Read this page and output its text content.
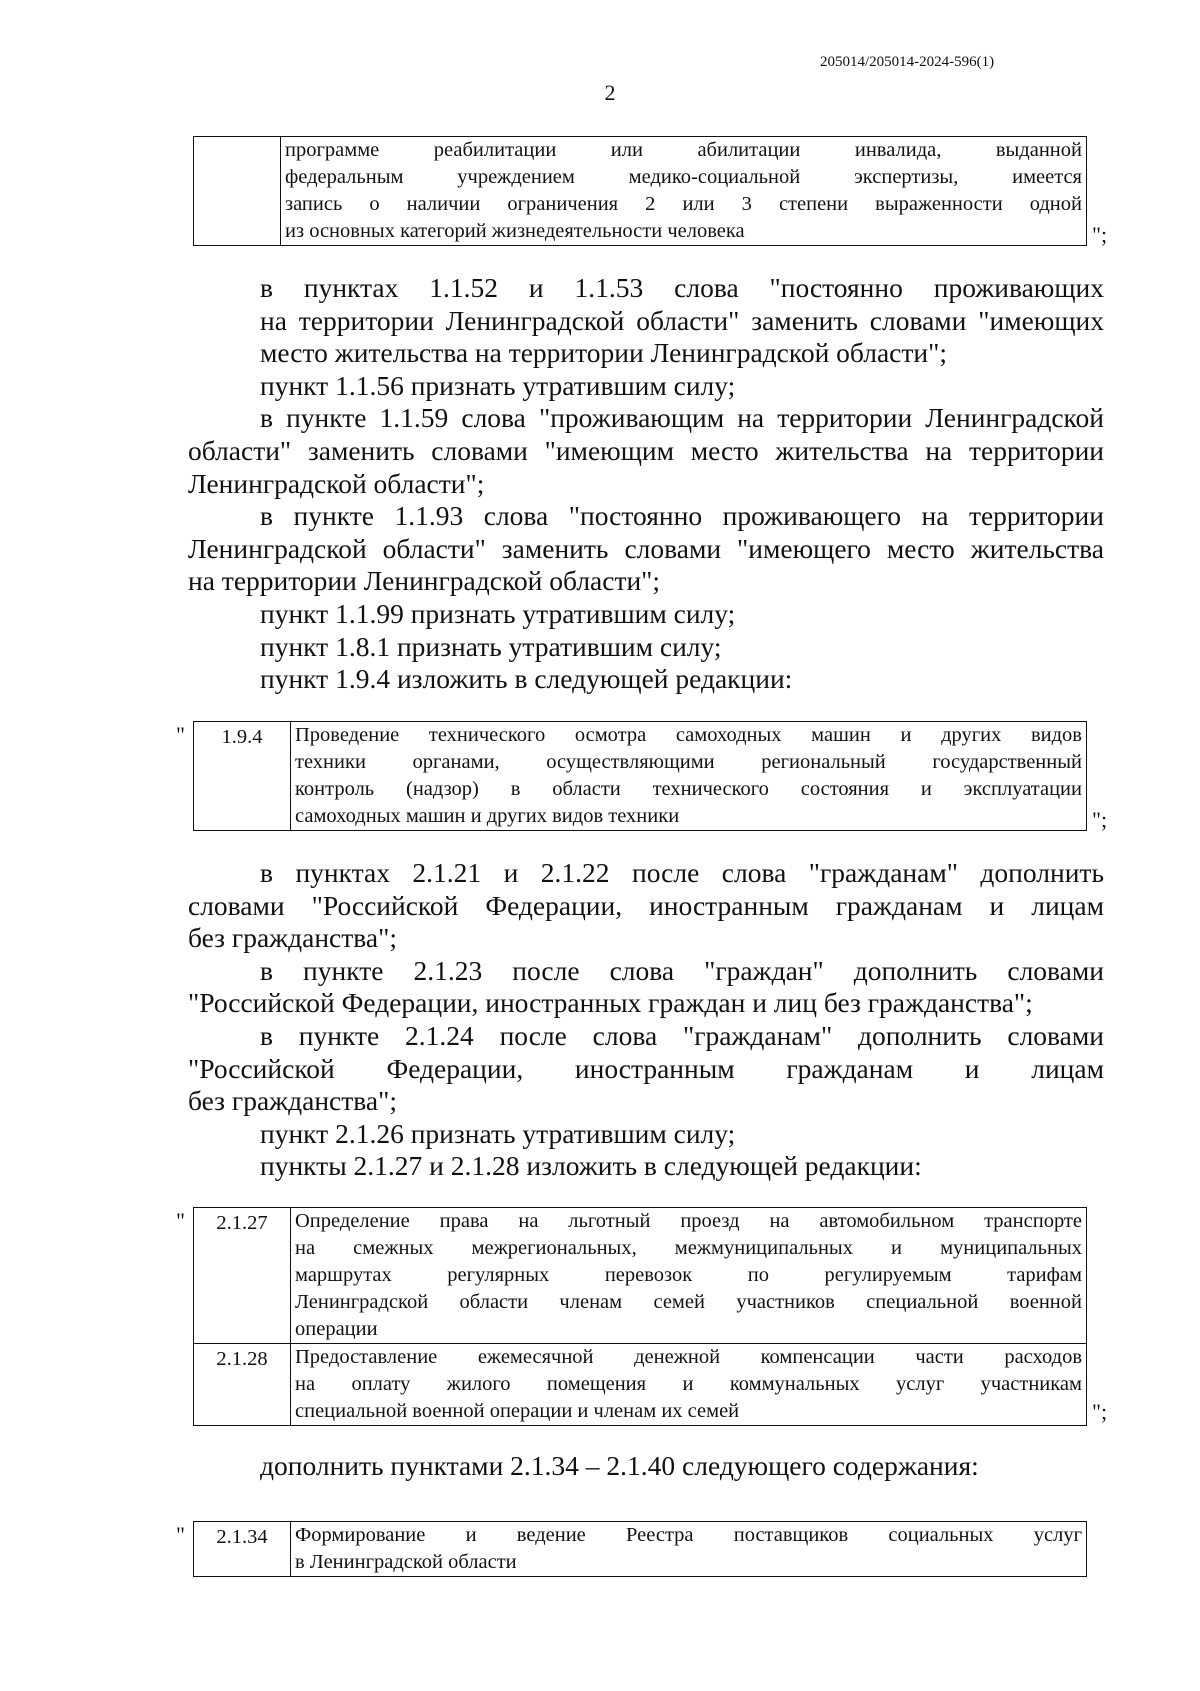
205014/205014-2024-596(1)
2

программе реабилитации или абилитации инвалида, выданной
федеральным учреждением медико-социальной экспертизы, имеется
запись о наличии ограничения 2 или 3 степени выраженности одной
из основных категорий жизнедеятельности человека	";

в пунктах 1.1.52 и 1.1.53 слова "постоянно проживающих
на территории Ленинградской области" заменить словами "имеющих
место жительства на территории Ленинградской области";

пункт 1.1.56 признать утратившим силу;

в пункте 1.1.59 слова "проживающим на территории Ленинградской
области" заменить словами "имеющим место жительства на территории
Ленинградской области";

в пункте 1.1.93 слова "постоянно проживающего на территории
Ленинградской области" заменить словами "имеющего место жительства
на территории Ленинградской области";

пункт 1.1.99 признать утратившим силу;

пункт 1.8.1 признать утратившим силу;

пункт 1.9.4 изложить в следующей редакции:

" 1.9.4	Проведение технического осмотра самоходных машин и других видов
техники органами, осуществляющими региональный государственный
контроль (надзор) в области технического состояния и эксплуатации
самоходных машин и других видов техники	";

в пунктах 2.1.21 и 2.1.22 после слова "гражданам" дополнить
словами "Российской Федерации, иностранным гражданам и лицам
без гражданства";

в пункте 2.1.23 после слова "граждан" дополнить словами
"Российской Федерации, иностранных граждан и лиц без гражданства";

в пункте 2.1.24 после слова "гражданам" дополнить словами
"Российской Федерации, иностранным гражданам и лицам
без гражданства";

пункт 2.1.26 признать утратившим силу;

пункты 2.1.27 и 2.1.28 изложить в следующей редакции:

" 2.1.27	Определение права на льготный проезд на автомобильном транспорте
на смежных межрегиональных, межмуниципальных и муниципальных
маршрутах регулярных перевозок по регулируемым тарифам
Ленинградской области членам семей участников специальной военной
операции

2.1.28	Предоставление ежемесячной денежной компенсации части расходов
на оплату жилого помещения и коммунальных услуг участникам
специальной военной операции и членам их семей	";

дополнить пунктами 2.1.34 – 2.1.40 следующего содержания:

" 2.1.34	Формирование и ведение Реестра поставщиков социальных услуг
в Ленинградской области
